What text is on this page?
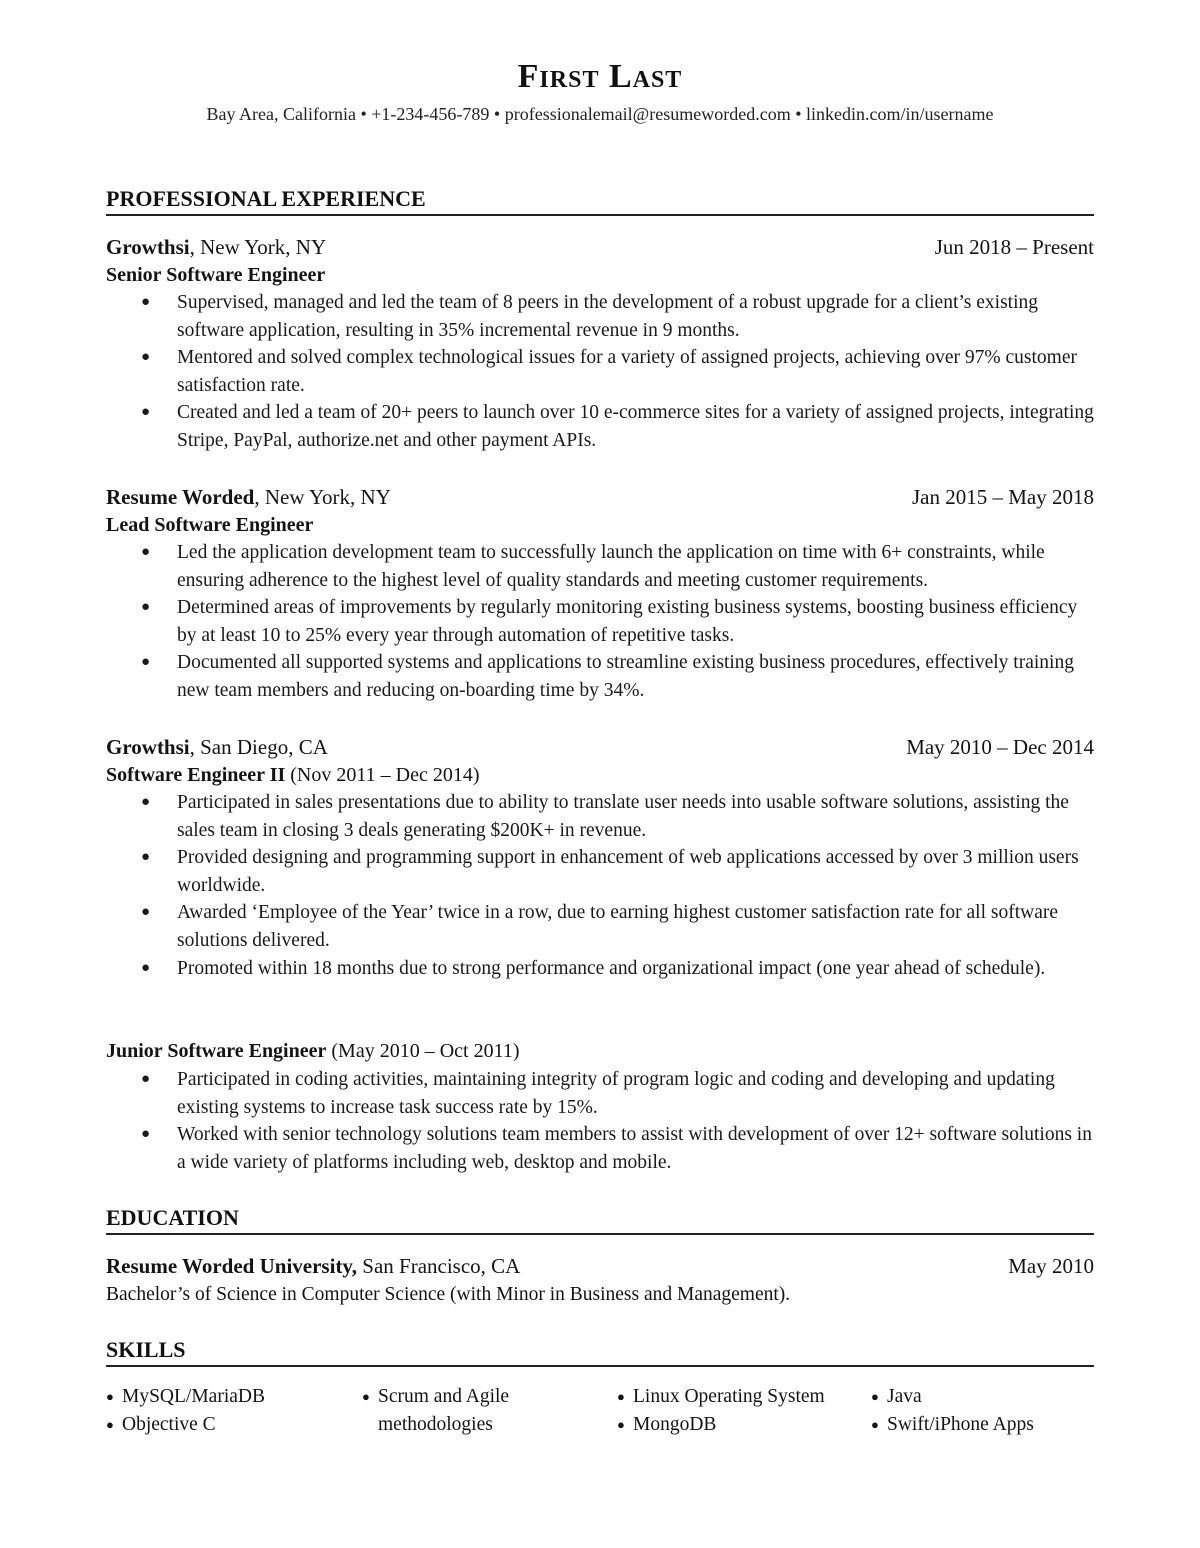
First Last
Bay Area, California • +1-234-456-789 • professionalemail@resumeworded.com • linkedin.com/in/username
PROFESSIONAL EXPERIENCE
Growthsi, New York, NY	Jun 2018 – Present
Senior Software Engineer
● Supervised, managed and led the team of 8 peers in the development of a robust upgrade for a client’s existing software application, resulting in 35% incremental revenue in 9 months.
● Mentored and solved complex technological issues for a variety of assigned projects, achieving over 97% customer satisfaction rate.
● Created and led a team of 20+ peers to launch over 10 e-commerce sites for a variety of assigned projects, integrating Stripe, PayPal, authorize.net and other payment APIs.
Resume Worded, New York, NY	Jan 2015 – May 2018
Lead Software Engineer
● Led the application development team to successfully launch the application on time with 6+ constraints, while ensuring adherence to the highest level of quality standards and meeting customer requirements.
● Determined areas of improvements by regularly monitoring existing business systems, boosting business efficiency by at least 10 to 25% every year through automation of repetitive tasks.
● Documented all supported systems and applications to streamline existing business procedures, effectively training new team members and reducing on-boarding time by 34%.
Growthsi, San Diego, CA	May 2010 – Dec 2014
Software Engineer II (Nov 2011 – Dec 2014)
● Participated in sales presentations due to ability to translate user needs into usable software solutions, assisting the sales team in closing 3 deals generating $200K+ in revenue.
● Provided designing and programming support in enhancement of web applications accessed by over 3 million users worldwide.
● Awarded ‘Employee of the Year’ twice in a row, due to earning highest customer satisfaction rate for all software solutions delivered.
● Promoted within 18 months due to strong performance and organizational impact (one year ahead of schedule).
Junior Software Engineer (May 2010 – Oct 2011)
● Participated in coding activities, maintaining integrity of program logic and coding and developing and updating existing systems to increase task success rate by 15%.
● Worked with senior technology solutions team members to assist with development of over 12+ software solutions in a wide variety of platforms including web, desktop and mobile.
EDUCATION
Resume Worded University, San Francisco, CA	May 2010
Bachelor’s of Science in Computer Science (with Minor in Business and Management).
SKILLS
● MySQL/MariaDB
● Objective C
● Scrum and Agile
methodologies
● Linux Operating System
● MongoDB
● Java
● Swift/iPhone Apps
